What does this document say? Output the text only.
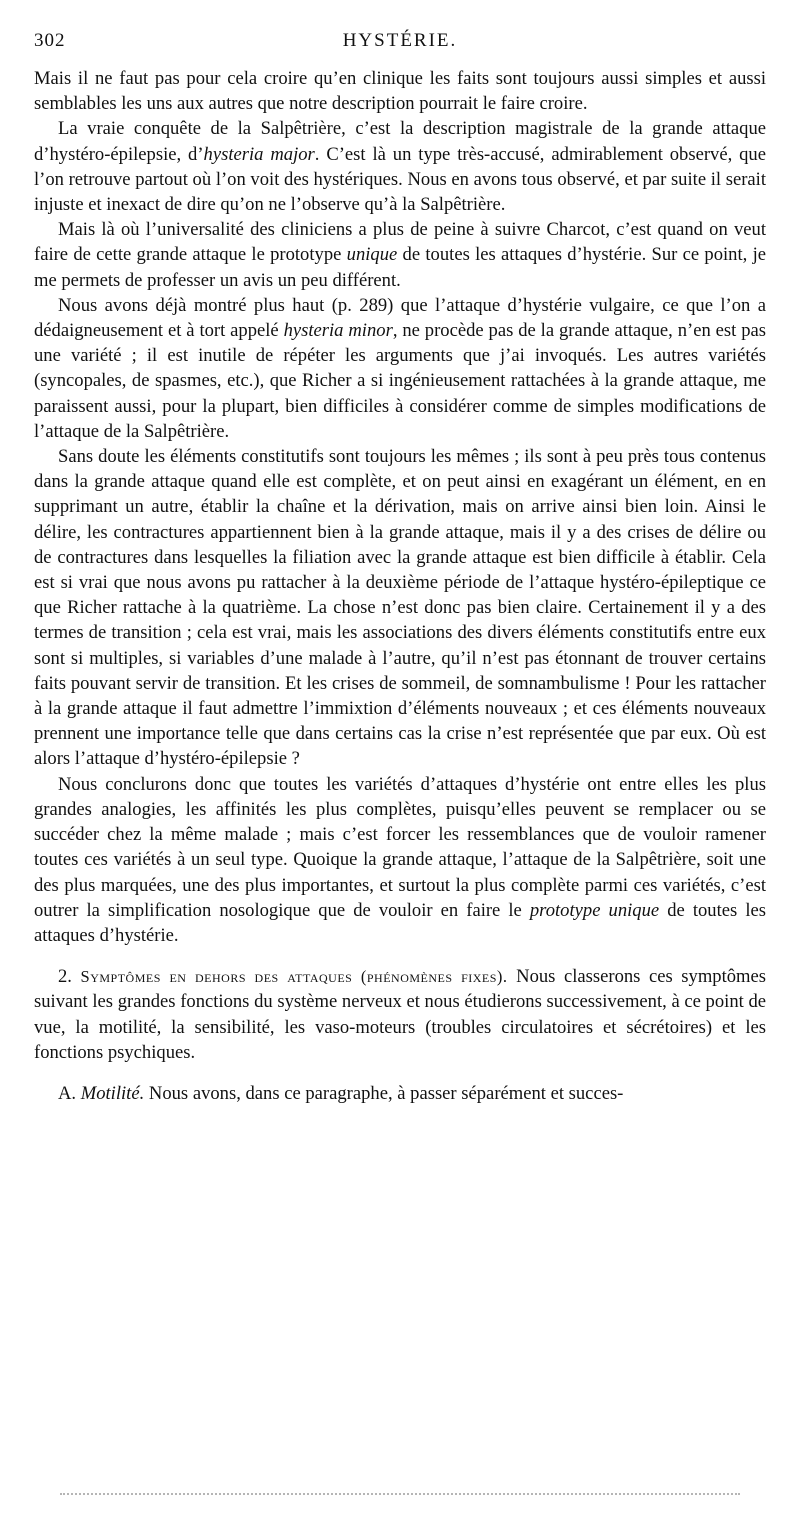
302	HYSTÉRIE.

Mais il ne faut pas pour cela croire qu’en clinique les faits sont toujours aussi simples et aussi semblables les uns aux autres que notre description pourrait le faire croire.

La vraie conquête de la Salpêtrière, c’est la description magistrale de la grande attaque d’hystéro-épilepsie, d’hysteria major. C’est là un type très-accusé, admirablement observé, que l’on retrouve partout où l’on voit des hystériques. Nous en avons tous observé, et par suite il serait injuste et inexact de dire qu’on ne l’observe qu’à la Salpêtrière.

Mais là où l’universalité des cliniciens a plus de peine à suivre Charcot, c’est quand on veut faire de cette grande attaque le prototype unique de toutes les attaques d’hystérie. Sur ce point, je me permets de professer un avis un peu différent.

Nous avons déjà montré plus haut (p. 289) que l’attaque d’hystérie vulgaire, ce que l’on a dédaigneusement et à tort appelé hysteria minor, ne procède pas de la grande attaque, n’en est pas une variété ; il est inutile de répéter les arguments que j’ai invoqués. Les autres variétés (syncopales, de spasmes, etc.), que Richer a si ingénieusement rattachées à la grande attaque, me paraissent aussi, pour la plupart, bien difficiles à considérer comme de simples modifications de l’attaque de la Salpêtrière.

Sans doute les éléments constitutifs sont toujours les mêmes ; ils sont à peu près tous contenus dans la grande attaque quand elle est complète, et on peut ainsi en exagérant un élément, en en supprimant un autre, établir la chaîne et la dérivation, mais on arrive ainsi bien loin. Ainsi le délire, les contractures appartiennent bien à la grande attaque, mais il y a des crises de délire ou de contractures dans lesquelles la filiation avec la grande attaque est bien difficile à établir. Cela est si vrai que nous avons pu rattacher à la deuxième période de l’attaque hystéro-épileptique ce que Richer rattache à la quatrième. La chose n’est donc pas bien claire. Certainement il y a des termes de transition ; cela est vrai, mais les associations des divers éléments constitutifs entre eux sont si multiples, si variables d’une malade à l’autre, qu’il n’est pas étonnant de trouver certains faits pouvant servir de transition. Et les crises de sommeil, de somnambulisme ! Pour les rattacher à la grande attaque il faut admettre l’immixtion d’éléments nouveaux ; et ces éléments nouveaux prennent une importance telle que dans certains cas la crise n’est représentée que par eux. Où est alors l’attaque d’hystéro-épilepsie ?

Nous conclurons donc que toutes les variétés d’attaques d’hystérie ont entre elles les plus grandes analogies, les affinités les plus complètes, puisqu’elles peuvent se remplacer ou se succéder chez la même malade ; mais c’est forcer les ressemblances que de vouloir ramener toutes ces variétés à un seul type. Quoique la grande attaque, l’attaque de la Salpêtrière, soit une des plus marquées, une des plus importantes, et surtout la plus complète parmi ces variétés, c’est outrer la simplification nosologique que de vouloir en faire le prototype unique de toutes les attaques d’hystérie.

2. Symptômes en dehors des attaques (phénomènes fixes). Nous classerons ces symptômes suivant les grandes fonctions du système nerveux et nous étudierons successivement, à ce point de vue, la motilité, la sensibilité, les vaso-moteurs (troubles circulatoires et sécrétoires) et les fonctions psychiques.

A. Motilité. Nous avons, dans ce paragraphe, à passer séparément et succes-
